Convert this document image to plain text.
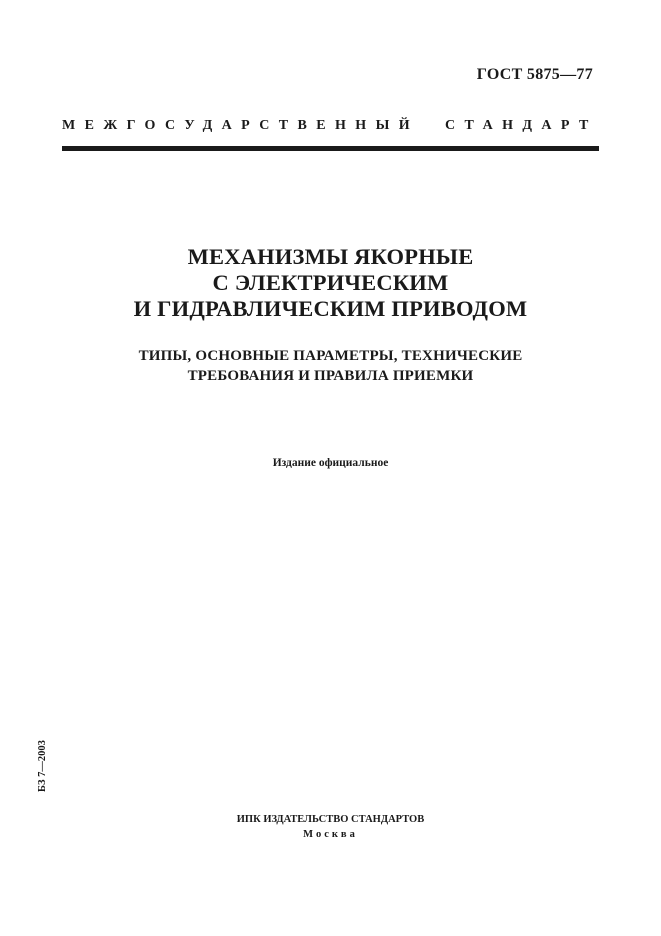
ГОСТ 5875—77
МЕЖГОСУДАРСТВЕННЫЙ СТАНДАРТ
МЕХАНИЗМЫ ЯКОРНЫЕ
С ЭЛЕКТРИЧЕСКИМ
И ГИДРАВЛИЧЕСКИМ ПРИВОДОМ
ТИПЫ, ОСНОВНЫЕ ПАРАМЕТРЫ, ТЕХНИЧЕСКИЕ
ТРЕБОВАНИЯ И ПРАВИЛА ПРИЕМКИ
Издание официальное
БЗ 7—2003
ИПК ИЗДАТЕЛЬСТВО СТАНДАРТОВ
Москва
